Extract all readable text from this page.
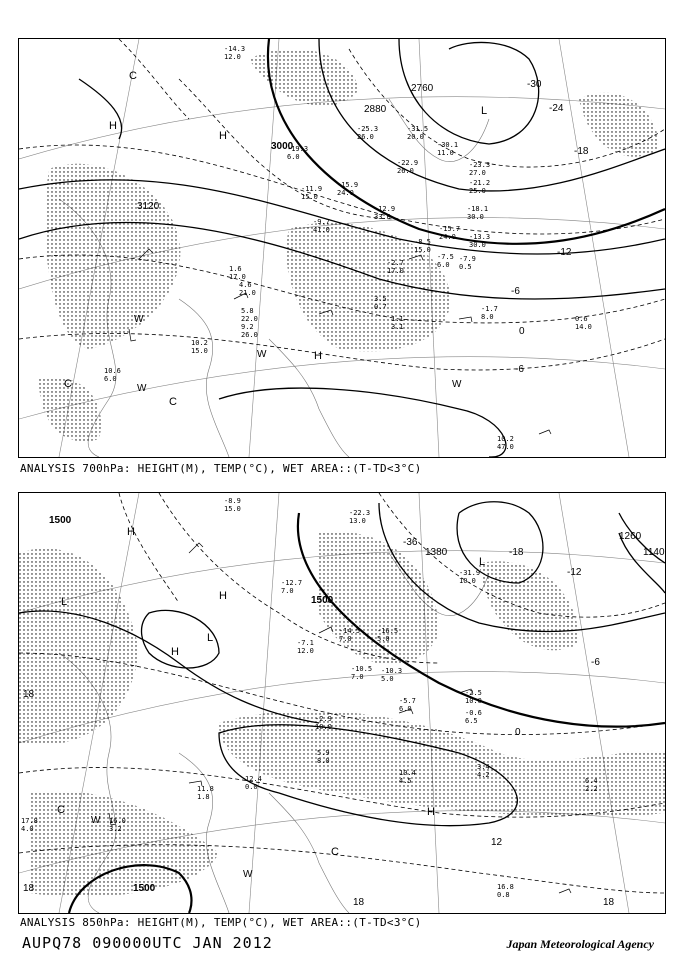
H
H
H
L
C
C
C
W
W
W	W
3000
2880
2760
3120
-30
-24
-18
-12
-6
0
-6
-14.3
12.0
-19.3
6.0
-31.5
20.0
-25.3
26.0
-30.1
11.0
-22.9
26.0
-21.2
25.0
-23.3
27.0
-15.9
24.0
-11.9
15.0
-12.9
33.0
-9.7
41.0
-18.1
30.0
-15.7
24.0 -13.3
30.0
-8.5
15.0
-7.5
6.0
-7.9
0.5
-2.7
17.0
-1.7
8.0	0.6
14.0
1.6
17.0
4.6
21.0
5.8
22.0
9.2
26.0
10.2
15.0
10.6
6.0
10.2
47.0
3.5
0.7
1.1
3.1
ANALYSIS 700hPa: HEIGHT(M), TEMP(°C), WET AREA::(T-TD<3°C)
H
H
H
H
L
L
L
C
C
W
W
1500
1500
1500
1380
1260
1140
-36
-18
-12
-6
0
12
18
18
18	18
-8.9
15.0	-22.3
13.0
-31.9
10.0
-12.7
7.0
-7.1
12.0
-14.5
7.0
-16.5
5.0
-10.5
7.0
-10.3
5.0
-2.9
10.0
-5.7
6.0
-2.5
10.0
-0.6
6.5
3.4
4.2
6.4
2.2
10.4
4.5
5.9
8.0
11.8
1.8
12.4
0.0
16.0
3.2
16.8
0.8
17.8
4.0
ANALYSIS 850hPa: HEIGHT(M), TEMP(°C), WET AREA::(T-TD<3°C)
AUPQ78 090000UTC JAN 2012	Japan Meteorological Agency
